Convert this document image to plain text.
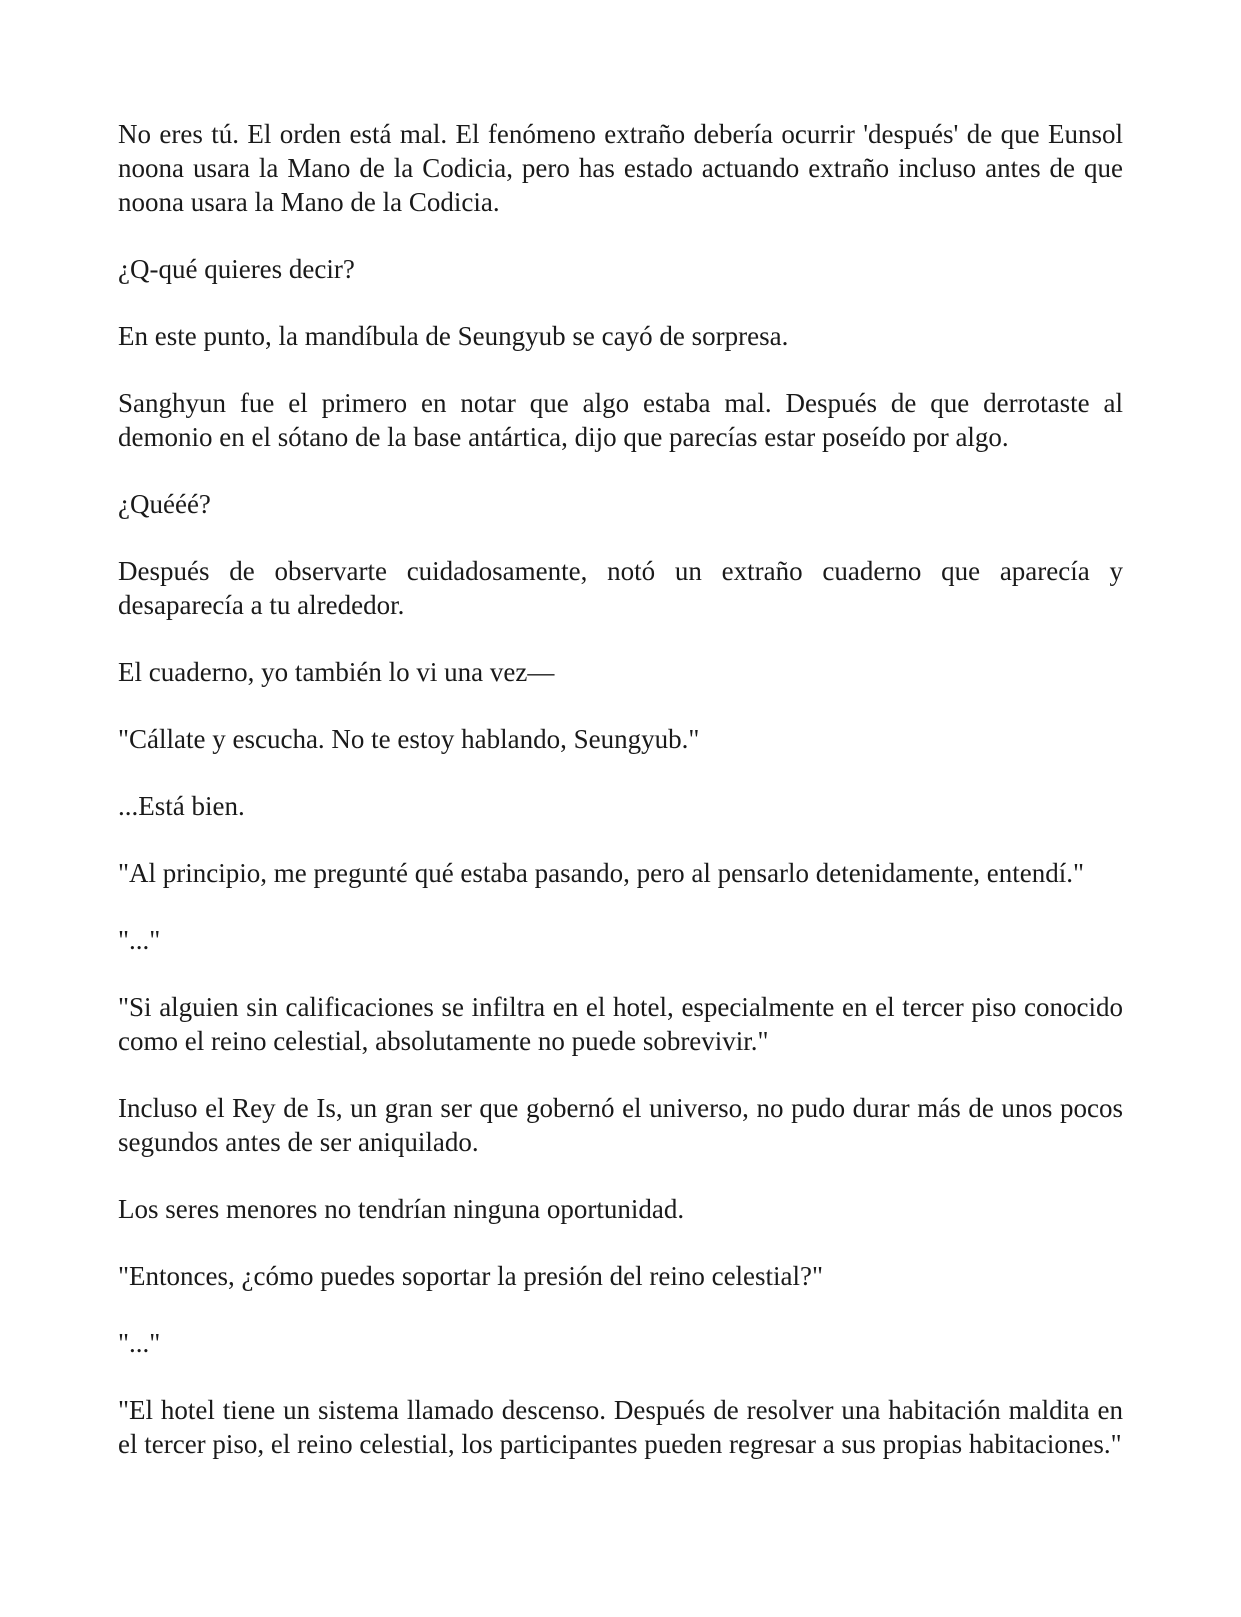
No eres tú. El orden está mal. El fenómeno extraño debería ocurrir 'después' de que Eunsol noona usara la Mano de la Codicia, pero has estado actuando extraño incluso antes de que noona usara la Mano de la Codicia.

¿Q-qué quieres decir?

En este punto, la mandíbula de Seungyub se cayó de sorpresa.

Sanghyun fue el primero en notar que algo estaba mal. Después de que derrotaste al demonio en el sótano de la base antártica, dijo que parecías estar poseído por algo.

¿Quééé?

Después de observarte cuidadosamente, notó un extraño cuaderno que aparecía y desaparecía a tu alrededor.

El cuaderno, yo también lo vi una vez—

"Cállate y escucha. No te estoy hablando, Seungyub."

...Está bien.

"Al principio, me pregunté qué estaba pasando, pero al pensarlo detenidamente, entendí."

"..."

"Si alguien sin calificaciones se infiltra en el hotel, especialmente en el tercer piso conocido como el reino celestial, absolutamente no puede sobrevivir."

Incluso el Rey de Is, un gran ser que gobernó el universo, no pudo durar más de unos pocos segundos antes de ser aniquilado.

Los seres menores no tendrían ninguna oportunidad.

"Entonces, ¿cómo puedes soportar la presión del reino celestial?"

"..."

"El hotel tiene un sistema llamado descenso. Después de resolver una habitación maldita en el tercer piso, el reino celestial, los participantes pueden regresar a sus propias habitaciones."
